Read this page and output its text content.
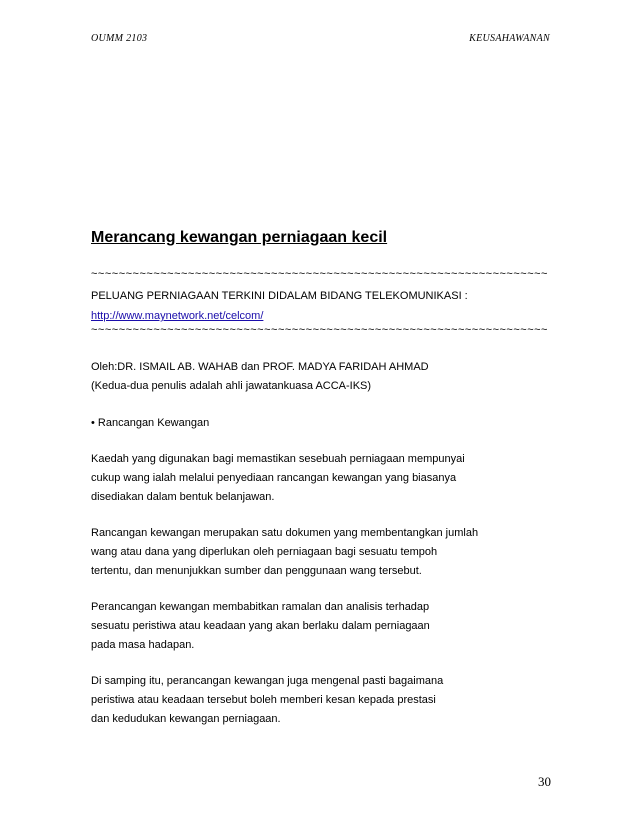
OUMM 2103	KEUSAHAWANAN
Merancang kewangan perniagaan kecil
~~~~~~~~~~~~~~~~~~~~~~~~~~~~~~~~~~~~~~~~~~~~~~~~~~~~~~~~~~~~~~~~~~
PELUANG PERNIAGAAN TERKINI DIDALAM BIDANG TELEKOMUNIKASI :
http://www.maynetwork.net/celcom/
~~~~~~~~~~~~~~~~~~~~~~~~~~~~~~~~~~~~~~~~~~~~~~~~~~~~~~~~~~~~~~~~~~
Oleh:DR. ISMAIL AB. WAHAB dan PROF. MADYA FARIDAH AHMAD
(Kedua-dua penulis adalah ahli jawatankuasa ACCA-IKS)
• Rancangan Kewangan
Kaedah yang digunakan bagi memastikan sesebuah perniagaan mempunyai
cukup wang ialah melalui penyediaan rancangan kewangan yang biasanya
disediakan dalam bentuk belanjawan.
Rancangan kewangan merupakan satu dokumen yang membentangkan jumlah
wang atau dana yang diperlukan oleh perniagaan bagi sesuatu tempoh
tertentu, dan menunjukkan sumber dan penggunaan wang tersebut.
Perancangan kewangan membabitkan ramalan dan analisis terhadap
sesuatu peristiwa atau keadaan yang akan berlaku dalam perniagaan
pada masa hadapan.
Di samping itu, perancangan kewangan juga mengenal pasti bagaimana
peristiwa atau keadaan tersebut boleh memberi kesan kepada prestasi
dan kedudukan kewangan perniagaan.
30
